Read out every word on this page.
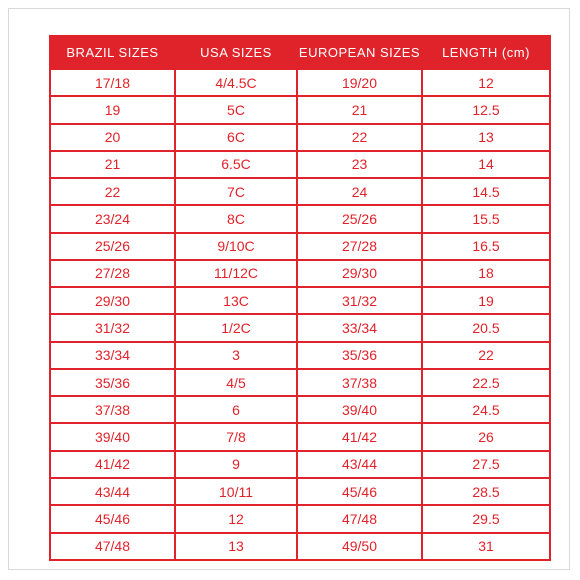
BRAZIL SIZES	USA SIZES	EUROPEAN SIZES	LENGTH (cm)
17/18	4/4.5C	19/20	12
19	5C	21	12.5
20	6C	22	13
21	6.5C	23	14
22	7C	24	14.5
23/24	8C	25/26	15.5
25/26	9/10C	27/28	16.5
27/28	11/12C	29/30	18
29/30	13C	31/32	19
31/32	1/2C	33/34	20.5
33/34	3	35/36	22
35/36	4/5	37/38	22.5
37/38	6	39/40	24.5
39/40	7/8	41/42	26
41/42	9	43/44	27.5
43/44	10/11	45/46	28.5
45/46	12	47/48	29.5
47/48	13	49/50	31
